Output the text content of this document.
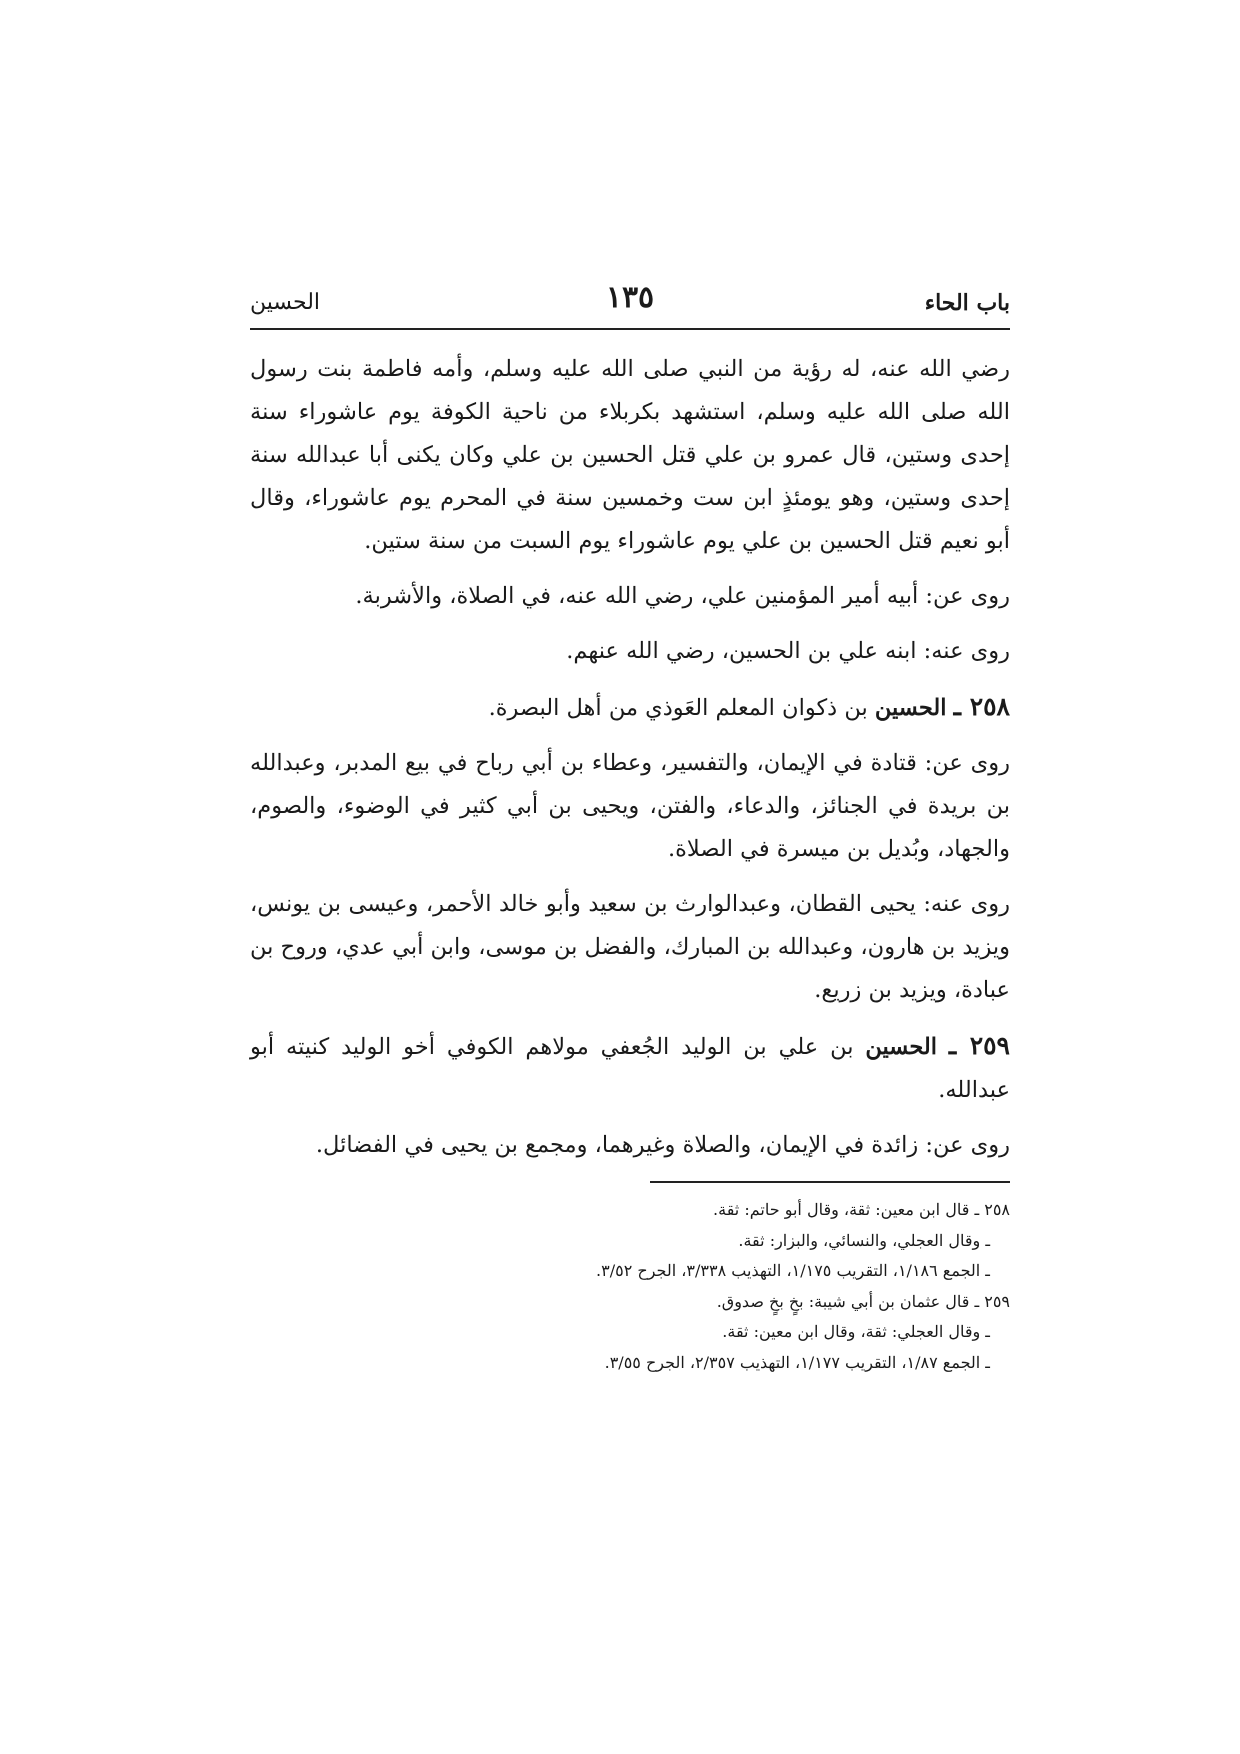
باب الحاء
١٣٥
الحسين

رضي الله عنه، له رؤية من النبي صلى الله عليه وسلم، وأمه فاطمة بنت رسول الله صلى الله عليه وسلم، استشهد بكربلاء من ناحية الكوفة يوم عاشوراء سنة إحدى وستين، قال عمرو بن علي قتل الحسين بن علي وكان يكنى أبا عبدالله سنة إحدى وستين، وهو يومئذٍ ابن ست وخمسين سنة في المحرم يوم عاشوراء، وقال أبو نعيم قتل الحسين بن علي يوم عاشوراء يوم السبت من سنة ستين.

روى عن: أبيه أمير المؤمنين علي، رضي الله عنه، في الصلاة، والأشربة.

روى عنه: ابنه علي بن الحسين، رضي الله عنهم.

٢٥٨ ـ الحسين بن ذكوان المعلم العَوذي من أهل البصرة.

روى عن: قتادة في الإيمان، والتفسير، وعطاء بن أبي رباح في بيع المدبر، وعبدالله بن بريدة في الجنائز، والدعاء، والفتن، ويحيى بن أبي كثير في الوضوء، والصوم، والجهاد، وبُديل بن ميسرة في الصلاة.

روى عنه: يحيى القطان، وعبدالوارث بن سعيد وأبو خالد الأحمر، وعيسى بن يونس، ويزيد بن هارون، وعبدالله بن المبارك، والفضل بن موسى، وابن أبي عدي، وروح بن عبادة، ويزيد بن زريع.

٢٥٩ ـ الحسين بن علي بن الوليد الجُعفي مولاهم الكوفي أخو الوليد كنيته أبو عبدالله.

روى عن: زائدة في الإيمان، والصلاة وغيرهما، ومجمع بن يحيى في الفضائل.

٢٥٨ ـ قال ابن معين: ثقة، وقال أبو حاتم: ثقة.
ـ وقال العجلي، والنسائي، والبزار: ثقة.
ـ الجمع ١/١٨٦، التقريب ١/١٧٥، التهذيب ٣/٣٣٨، الجرح ٣/٥٢.
٢٥٩ ـ قال عثمان بن أبي شيبة: بخٍ بخٍ صدوق.
ـ وقال العجلي: ثقة، وقال ابن معين: ثقة.
ـ الجمع ١/٨٧، التقريب ١/١٧٧، التهذيب ٢/٣٥٧، الجرح ٣/٥٥.
